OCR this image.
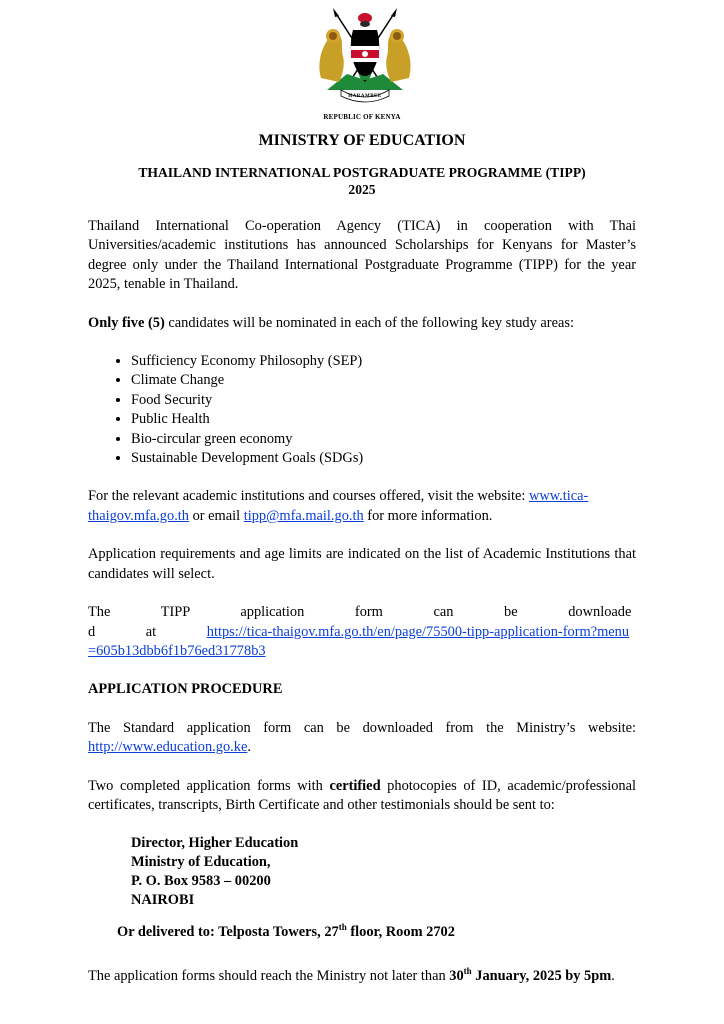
HARAMBEE
REPUBLIC OF KENYA
MINISTRY OF EDUCATION
THAILAND INTERNATIONAL POSTGRADUATE PROGRAMME (TIPP)
2025

Thailand International Co-operation Agency (TICA) in cooperation with Thai Universities/academic institutions has announced Scholarships for Kenyans for Master’s degree only under the Thailand International Postgraduate Programme (TIPP) for the year 2025, tenable in Thailand.

Only five (5) candidates will be nominated in each of the following key study areas:

• Sufficiency Economy Philosophy (SEP)
• Climate Change
• Food Security
• Public Health
• Bio-circular green economy
• Sustainable Development Goals (SDGs)

For the relevant academic institutions and courses offered, visit the website: www.tica-thaigov.mfa.go.th or email tipp@mfa.mail.go.th for more information.

Application requirements and age limits are indicated on the list of Academic Institutions that candidates will select.

The TIPP application form can be downloaded at https://tica-thaigov.mfa.go.th/en/page/75500-tipp-application-form?menu=605b13dbb6f1b76ed31778b3

APPLICATION PROCEDURE

The Standard application form can be downloaded from the Ministry’s website: http://www.education.go.ke.

Two completed application forms with certified photocopies of ID, academic/professional certificates, transcripts, Birth Certificate and other testimonials should be sent to:

Director, Higher Education
Ministry of Education,
P. O. Box 9583 – 00200
NAIROBI
Or delivered to: Telposta Towers, 27th floor, Room 2702

The application forms should reach the Ministry not later than 30th January, 2025 by 5pm.
